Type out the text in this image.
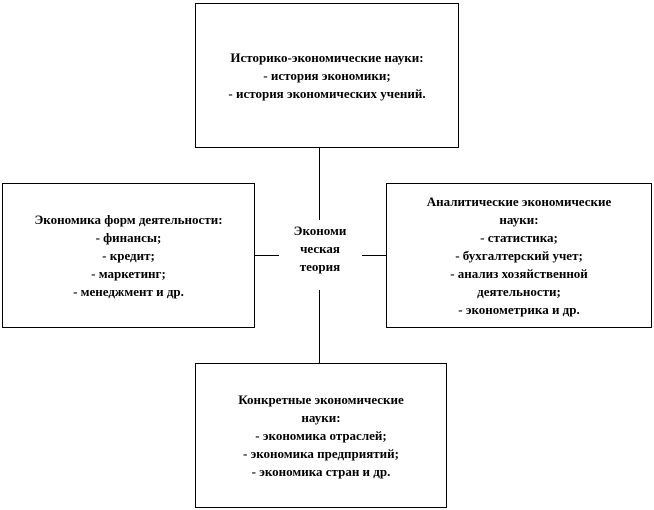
Историко-экономические науки:
- история экономики;
- история экономических учений.
Экономика форм деятельности:
- финансы;
- кредит;
- маркетинг;
- менеджмент и др.
Аналитические экономические
науки:
- статистика;
- бухгалтерский учет;
- анализ хозяйственной
деятельности;
- эконометрика и др.
Конкретные экономические
науки:
- экономика отраслей;
- экономика предприятий;
- экономика стран и др.
Экономи
ческая
теория
